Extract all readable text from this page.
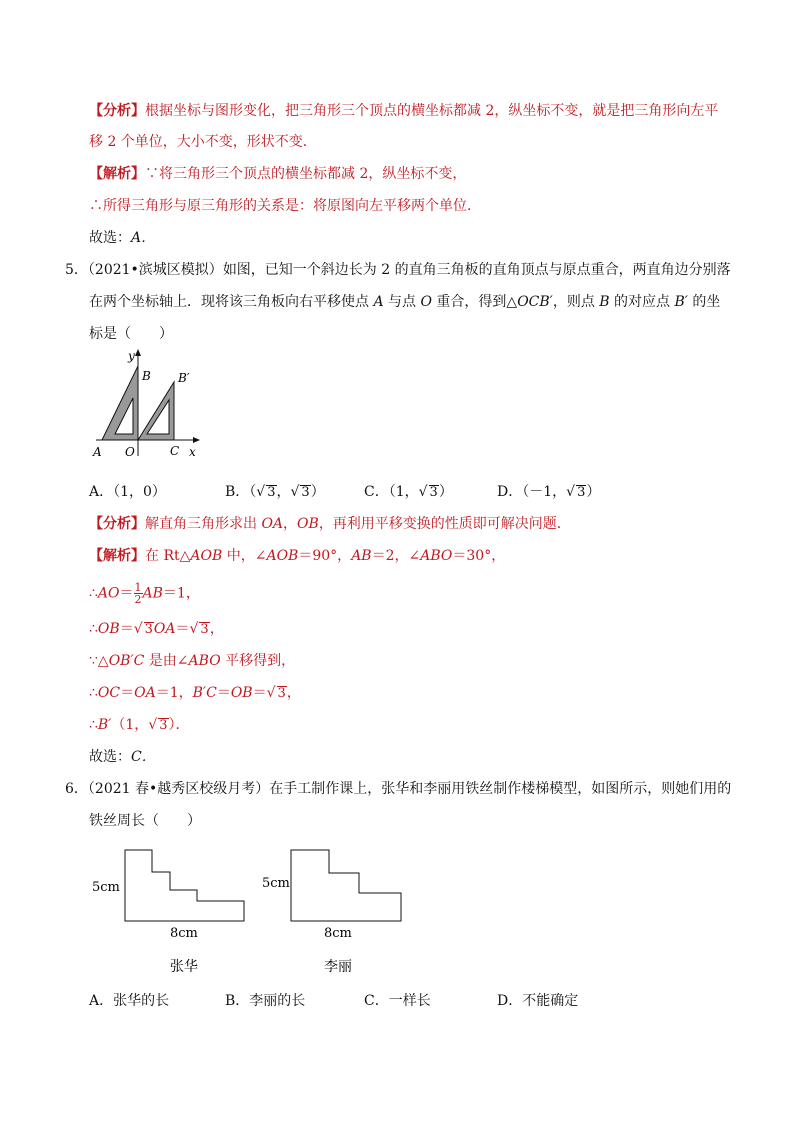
【分析】根据坐标与图形变化，把三角形三个顶点的横坐标都减 2，纵坐标不变，就是把三角形向左平
移 2 个单位，大小不变，形状不变．
【解析】∵将三角形三个顶点的横坐标都减 2，纵坐标不变，
∴所得三角形与原三角形的关系是：将原图向左平移两个单位．
故选：A．
5．（2021•滨城区模拟）如图，已知一个斜边长为 2 的直角三角板的直角顶点与原点重合，两直角边分别落
在两个坐标轴上．现将该三角板向右平移使点 A 与点 O 重合，得到△OCB′，则点 B 的对应点 B′ 的坐
标是（　　）
y
B B′
A O	C x
A．（1，0）	B．（√ 3，√ 3）	C．（1，√ 3）	D．（－1，√ 3）
【分析】解直角三角形求出 OA，OB，再利用平移变换的性质即可解决问题．
【解析】在 Rt△AOB 中，∠AOB＝90°，AB＝2，∠ABO＝30°，
∴AO＝ $\frac{1}{2} AB=1$，
∴OB＝√ 3OA＝√ 3，
∵△OB′C 是由∠ABO 平移得到，
∴OC＝OA＝1，B′C＝OB＝√ 3，
∴B′（1，√ 3）．
故选：C．
6．（2021 春•越秀区校级月考）在手工制作课上，张华和李丽用铁丝制作楼梯模型，如图所示，则她们用的
铁丝周长（　　）
5cm
8cm
张华
5cm
8cm
李丽
A．张华的长	B．李丽的长	C．一样长	D．不能确定
